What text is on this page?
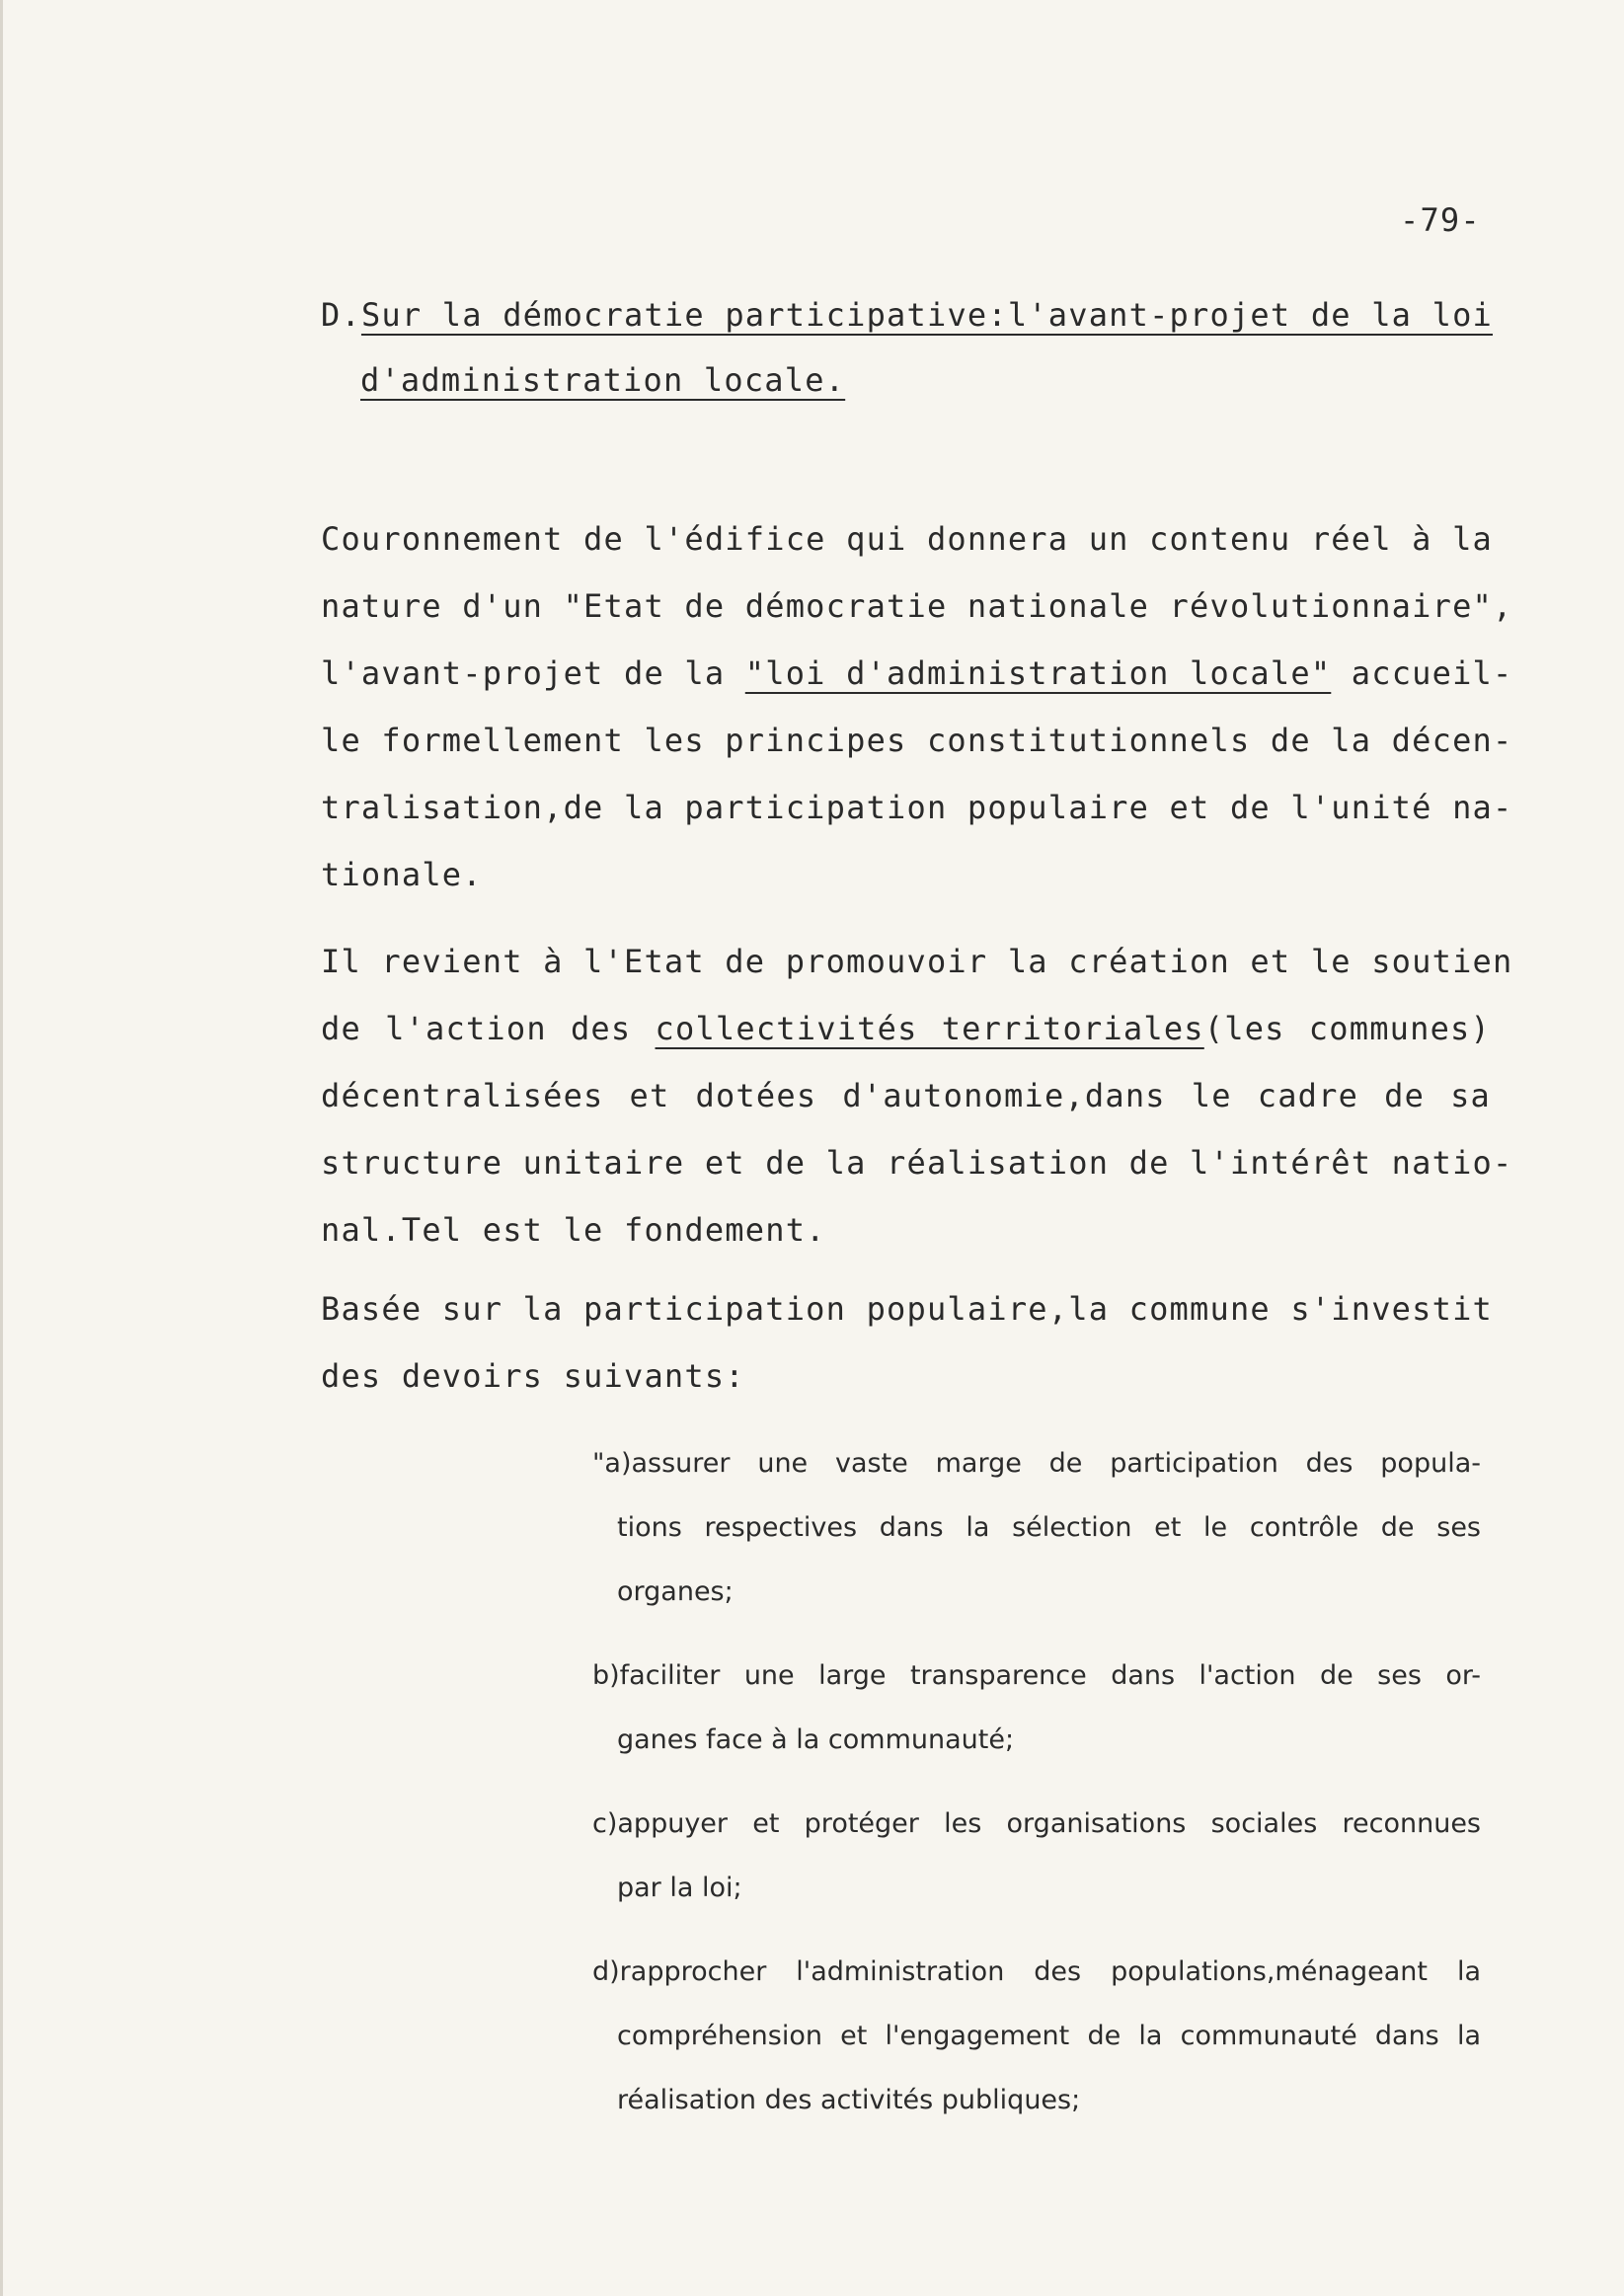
-79-
D.Sur la démocratie participative:l'avant-projet de la loi
d'administration locale.
Couronnement de l'édifice qui donnera un contenu réel à la
nature d'un "Etat de démocratie nationale révolutionnaire",
l'avant-projet de la "loi d'administration locale" accueil-
le formellement les principes constitutionnels de la décen-
tralisation,de la participation populaire et de l'unité na-
tionale.
Il revient à l'Etat de promouvoir la création et le soutien
de l'action des collectivités territoriales(les communes)
décentralisées et dotées d'autonomie,dans le cadre de sa
structure unitaire et de la réalisation de l'intérêt natio-
nal.Tel est le fondement.
Basée sur la participation populaire,la commune s'investit
des devoirs suivants:
"a)assurer une vaste marge de participation des popula-
tions respectives dans la sélection et le contrôle de ses
organes;
b)faciliter une large transparence dans l'action de ses or-
ganes face à la communauté;
c)appuyer et protéger les organisations sociales reconnues
par la loi;
d)rapprocher l'administration des populations,ménageant la
compréhension et l'engagement de la communauté dans la
réalisation des activités publiques;
